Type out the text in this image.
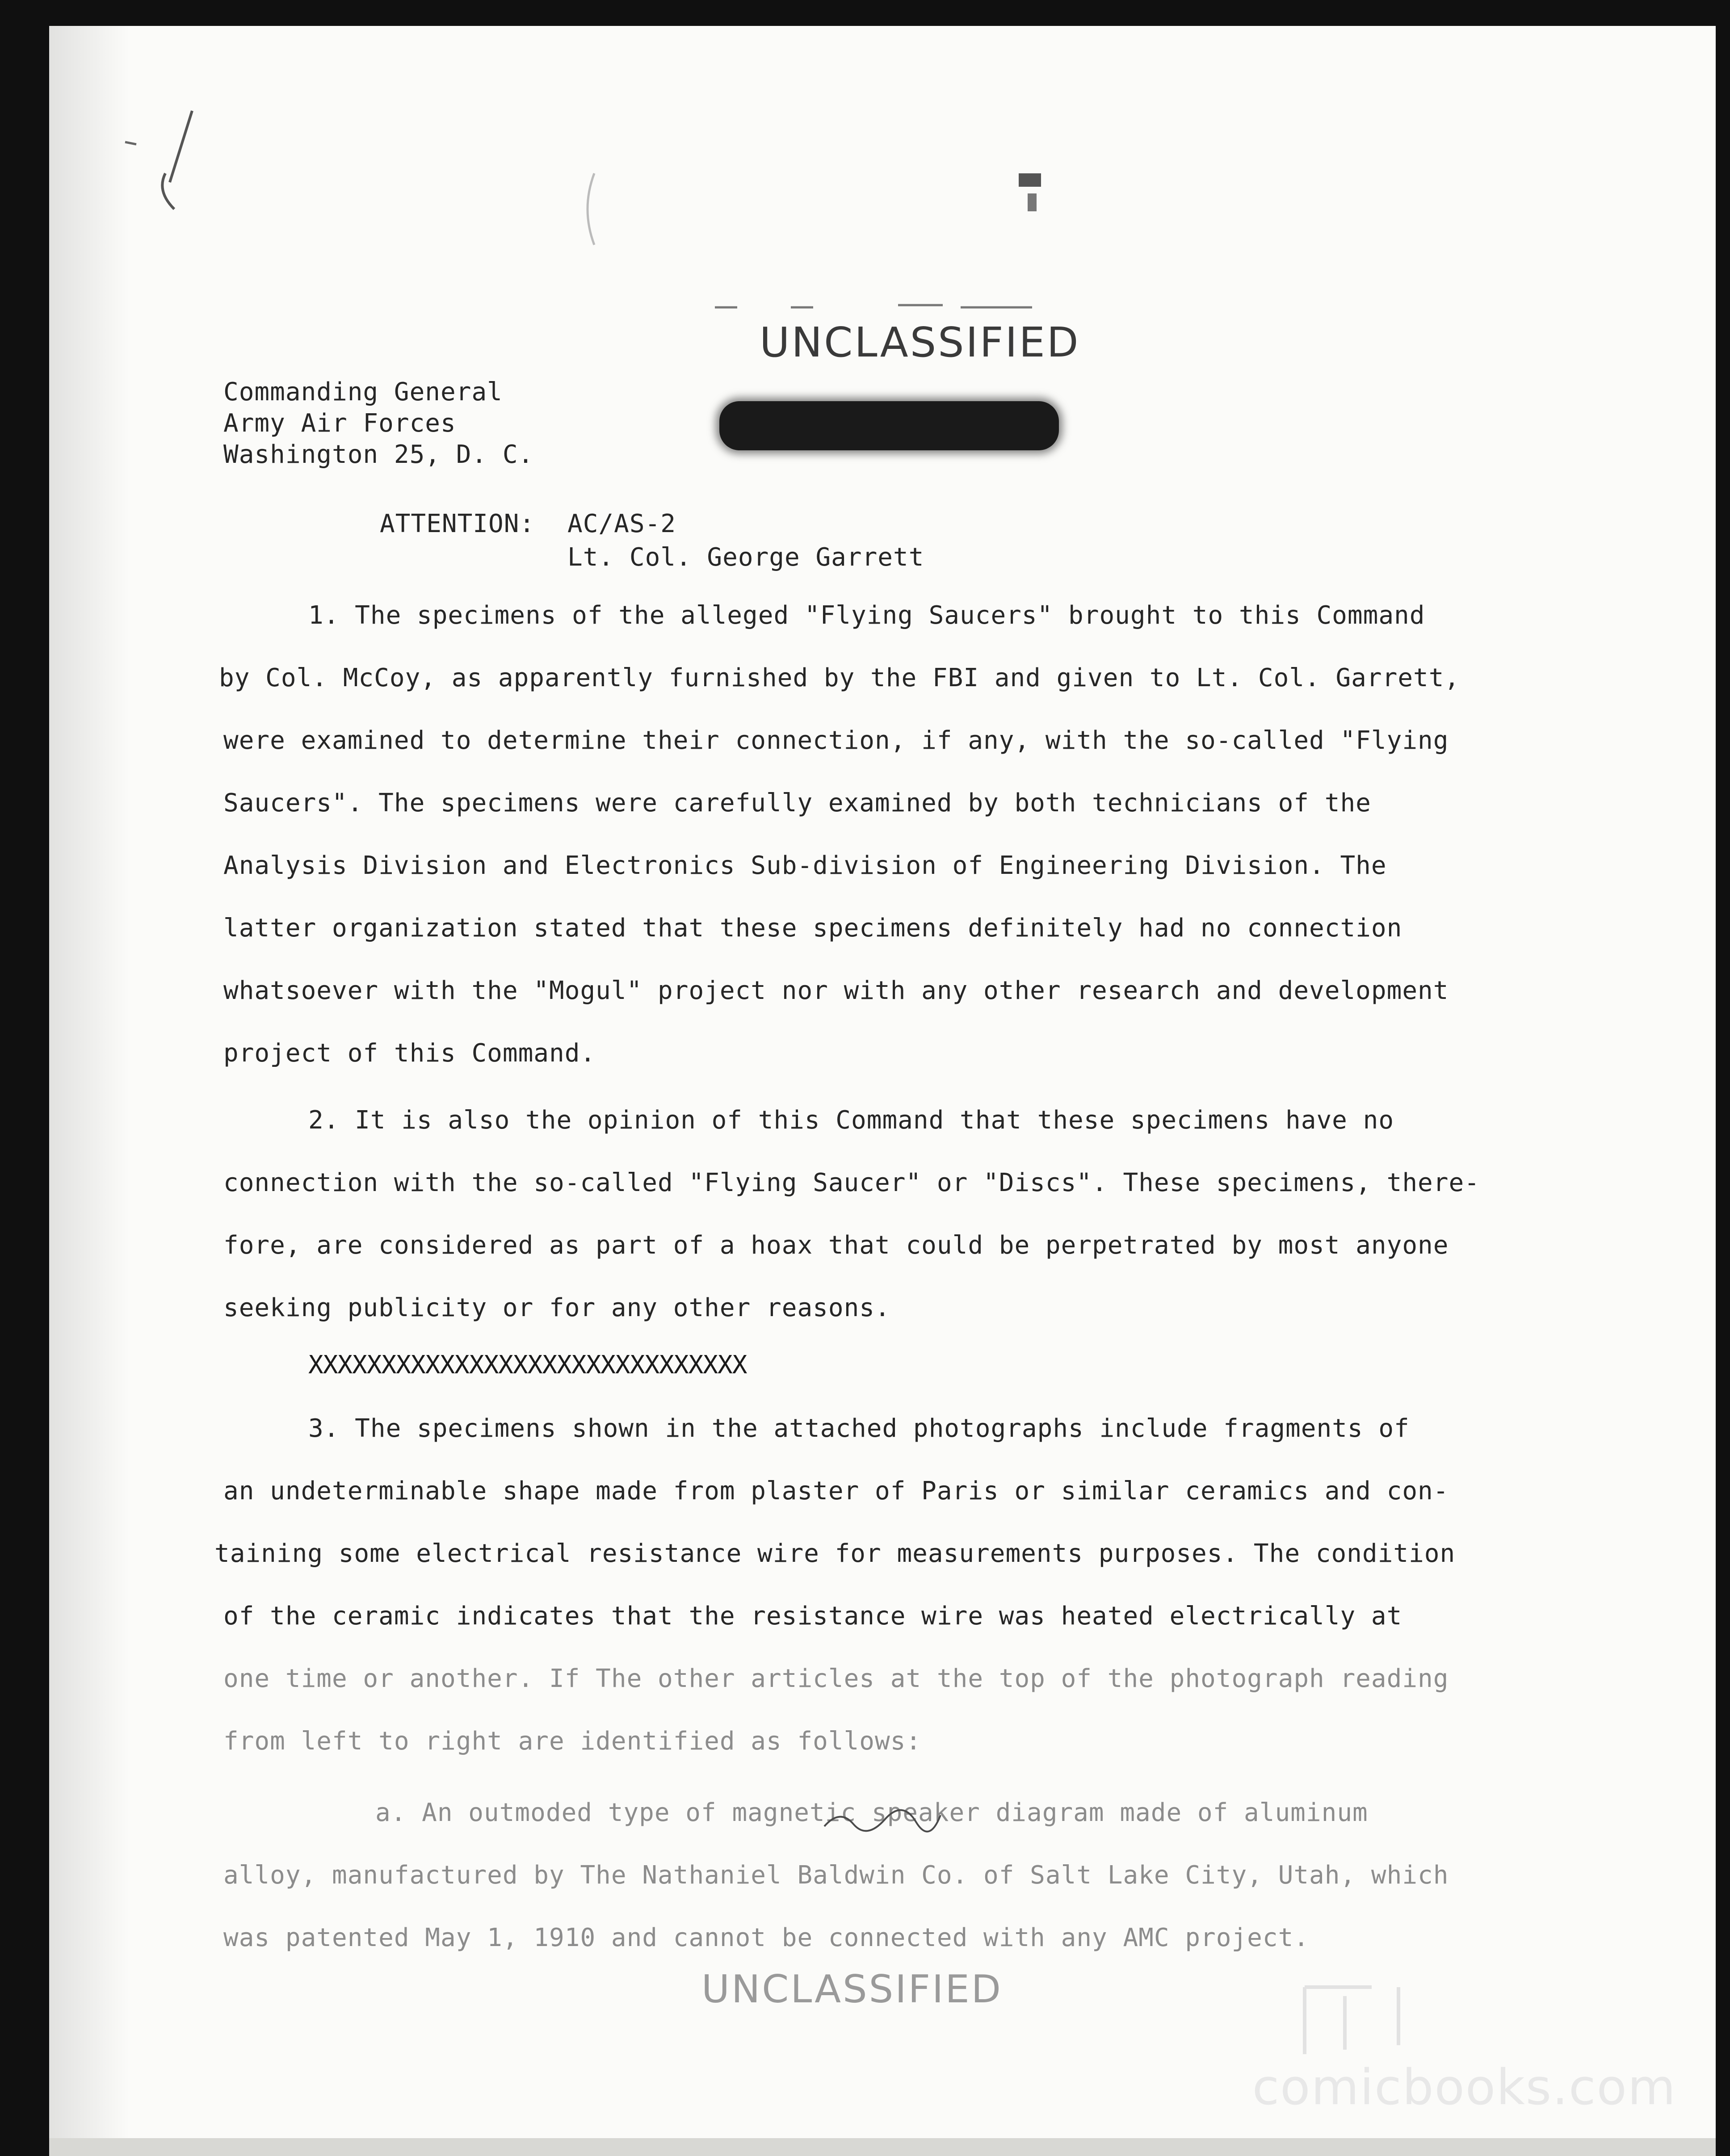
UNCLASSIFIED
Commanding General
Army Air Forces
Washington 25, D. C.
ATTENTION: AC/AS-2
Lt. Col. George Garrett
1. The specimens of the alleged "Flying Saucers" brought to this Command
by Col. McCoy, as apparently furnished by the FBI and given to Lt. Col. Garrett,
were examined to determine their connection, if any, with the so-called "Flying
Saucers". The specimens were carefully examined by both technicians of the
Analysis Division and Electronics Sub-division of Engineering Division. The
latter organization stated that these specimens definitely had no connection
whatsoever with the "Mogul" project nor with any other research and development
project of this Command.
2. It is also the opinion of this Command that these specimens have no
connection with the so-called "Flying Saucer" or "Discs". These specimens, there-
fore, are considered as part of a hoax that could be perpetrated by most anyone
seeking publicity or for any other reasons.
XXXXXXXXXXXXXXXXXXXXXXXXXXXXXX
3. The specimens shown in the attached photographs include fragments of
an undeterminable shape made from plaster of Paris or similar ceramics and con-
taining some electrical resistance wire for measurements purposes. The condition
of the ceramic indicates that the resistance wire was heated electrically at
one time or another. If The other articles at the top of the photograph reading
from left to right are identified as follows:
a. An outmoded type of magnetic speaker diagram made of aluminum
alloy, manufactured by The Nathaniel Baldwin Co. of Salt Lake City, Utah, which
was patented May 1, 1910 and cannot be connected with any AMC project.
UNCLASSIFIED
comicbooks.com
